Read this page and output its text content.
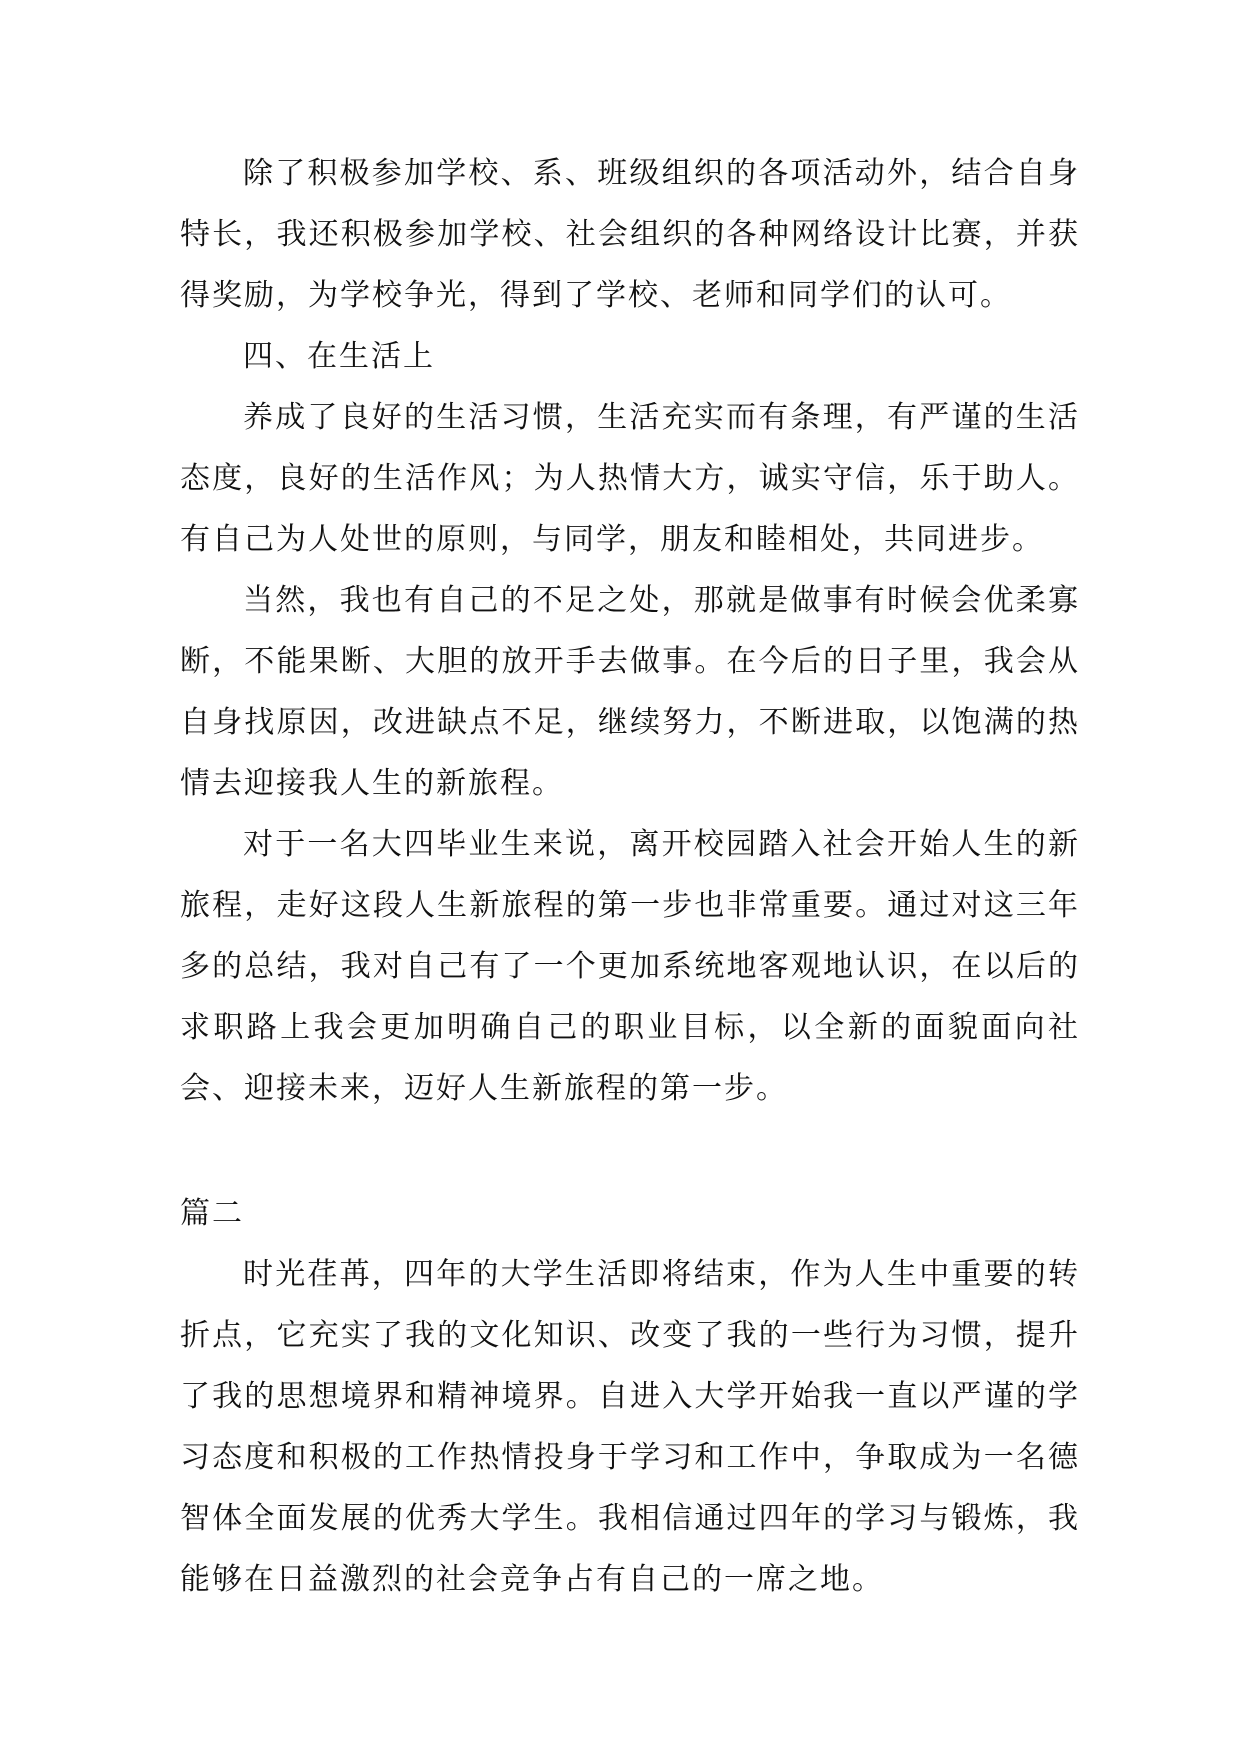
除了积极参加学校、系、班级组织的各项活动外，结合自身特长，我还积极参加学校、社会组织的各种网络设计比赛，并获得奖励，为学校争光，得到了学校、老师和同学们的认可。

四、在生活上

养成了良好的生活习惯，生活充实而有条理，有严谨的生活态度，良好的生活作风；为人热情大方，诚实守信，乐于助人。有自己为人处世的原则，与同学，朋友和睦相处，共同进步。

当然，我也有自己的不足之处，那就是做事有时候会优柔寡断，不能果断、大胆的放开手去做事。在今后的日子里，我会从自身找原因，改进缺点不足，继续努力，不断进取，以饱满的热情去迎接我人生的新旅程。

对于一名大四毕业生来说，离开校园踏入社会开始人生的新旅程，走好这段人生新旅程的第一步也非常重要。通过对这三年多的总结，我对自己有了一个更加系统地客观地认识，在以后的求职路上我会更加明确自己的职业目标，以全新的面貌面向社会、迎接未来，迈好人生新旅程的第一步。

篇二

时光荏苒，四年的大学生活即将结束，作为人生中重要的转折点，它充实了我的文化知识、改变了我的一些行为习惯，提升了我的思想境界和精神境界。自进入大学开始我一直以严谨的学习态度和积极的工作热情投身于学习和工作中，争取成为一名德智体全面发展的优秀大学生。我相信通过四年的学习与锻炼，我能够在日益激烈的社会竞争占有自己的一席之地。
